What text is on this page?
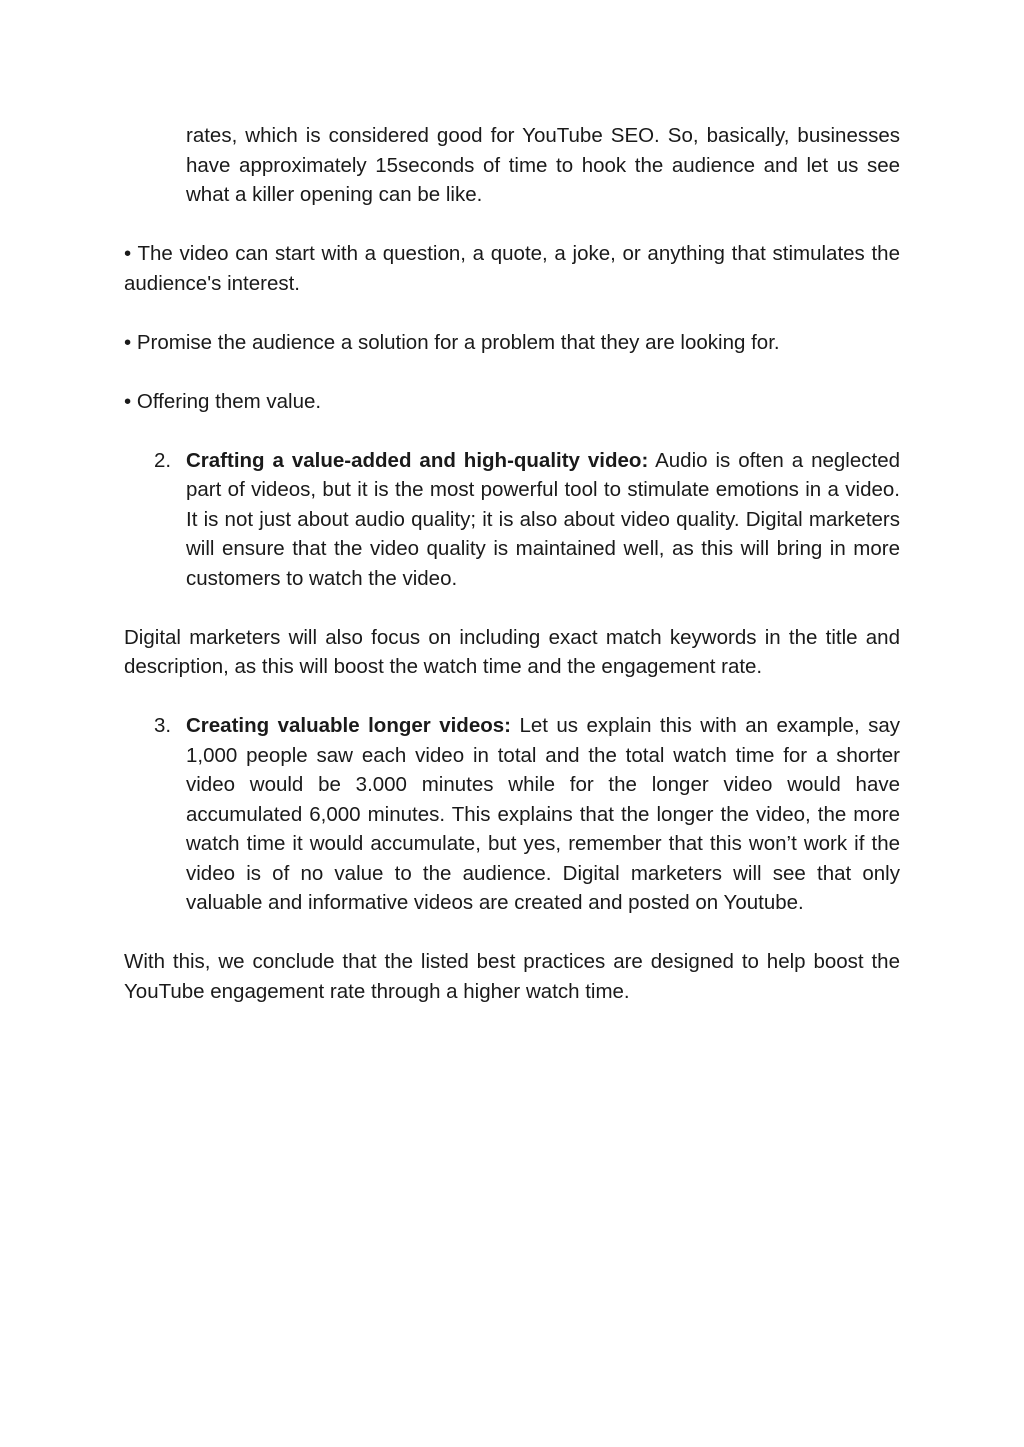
rates, which is considered good for YouTube SEO. So, basically, businesses have approximately 15seconds of time to hook the audience and let us see what a killer opening can be like.

• The video can start with a question, a quote, a joke, or anything that stimulates the audience's interest.

• Promise the audience a solution for a problem that they are looking for.

• Offering them value.

2. Crafting a value-added and high-quality video: Audio is often a neglected part of videos, but it is the most powerful tool to stimulate emotions in a video. It is not just about audio quality; it is also about video quality. Digital marketers will ensure that the video quality is maintained well, as this will bring in more customers to watch the video.

Digital marketers will also focus on including exact match keywords in the title and description, as this will boost the watch time and the engagement rate.

3. Creating valuable longer videos: Let us explain this with an example, say 1,000 people saw each video in total and the total watch time for a shorter video would be 3.000 minutes while for the longer video would have accumulated 6,000 minutes. This explains that the longer the video, the more watch time it would accumulate, but yes, remember that this won’t work if the video is of no value to the audience. Digital marketers will see that only valuable and informative videos are created and posted on Youtube.

With this, we conclude that the listed best practices are designed to help boost the YouTube engagement rate through a higher watch time.
